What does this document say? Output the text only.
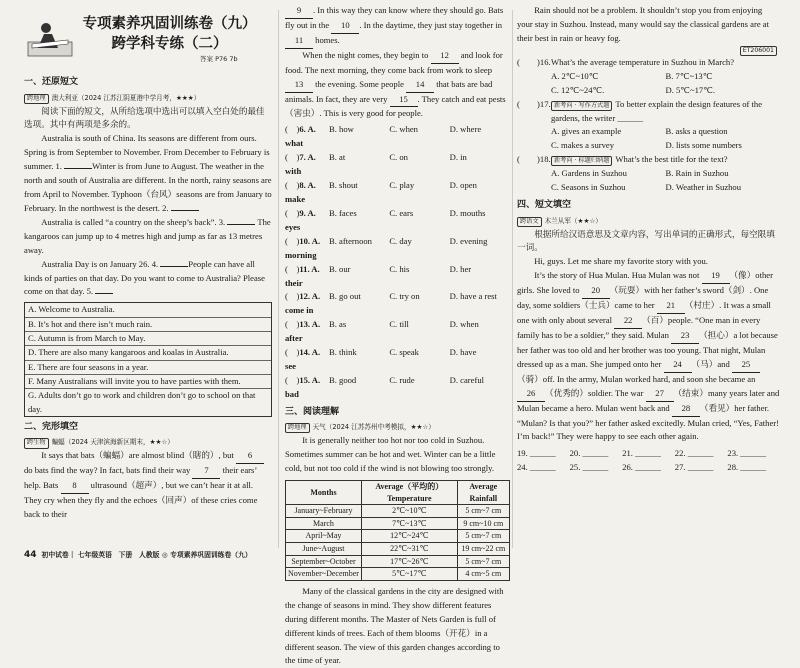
专项素养巩固训练卷（九）
跨学科专练（二）
答案 P76 7b
一、还原短文

跨地理 澳大利亚（2024 江苏江阴夏港中学月考，★★★）

阅读下面的短文，从所给选项中选出可以填入空白处的最佳选项。其中有两项是多余的。

Australia is south of China. Its seasons are different from ours. Spring is from September to November. From December to February is summer. 1.	Winter is from June to August. The weather in the north and south of Australia are different. In the north, rainy seasons are from April to November. Typhoon（台风）seasons are from January to February. In the northwest is the desert. 2.

Australia is called “a country on the sheep’s back”. 3.	The kangaroos can jump up to 4 metres high and jump as far as 13 metres away.

Australia Day is on January 26. 4.	People can have all kinds of parties on that day. Do you want to come to Australia? Please come on that day. 5.

A. Welcome to Australia.
B. It’s hot and there isn’t much rain.
C. Autumn is from March to May.
D. There are also many kangaroos and koalas in Australia.
E. There are four seasons in a year.
F. Many Australians will invite you to have parties with them.
G. Adults don’t go to work and children don’t go to school on that day.
二、完形填空

跨生物 蝙蝠（2024 天津滨海新区期末，★★☆）

It says that bats（蝙蝠）are almost blind（瞎的）, but 6 do bats find the way? In fact, bats find their way 7 their ears’ help. Bats 8 ultrasound（超声）, but we can’t hear it at all. They cry when they fly and the echoes（回声）of these cries come back to their

9 . In this way they can know where they should go. Bats fly out in the 10 . In the daytime, they just stay together in 11 homes.

When the night comes, they begin to 12 and look for food. The next morning, they come back from work to sleep 13 the evening. Some people 14 that bats are bad animals. In fact, they are very 15 . They catch and eat pests（害虫）. This is very good for people.

(　)6. A. what
B. how	C. when	D. where
(　)7. A. with
B. at	C. on	D. in
(　)8. A. make
B. shout	C. play	D. open
(　)9. A. eyes
B. faces	C. ears	D. mouths
(　)10. A. morning
B. afternoon	C. day	D. evening
(　)11. A. their
B. our	C. his	D. her
(　)12. A. come in
B. go out	C. try on	D. have a rest
(　)13. A. after
B. as	C. till	D. when
(　)14. A. see
B. think	C. speak	D. have
(　)15. A. bad
B. good	C. rude	D. careful
三、阅读理解

跨地理 天气（2024 江苏苏州中考模拟，★★☆）

It is generally neither too hot nor too cold in Suzhou. Sometimes summer can be hot and wet. Winter can be a little cold, but not too cold if the wind is not blowing too strongly.

Months	Average（平均的） Temperature	Average Rainfall
January~February	2℃~10℃	5 cm~7 cm
March	7℃~13℃	9 cm~10 cm
April~May	12℃~24℃	5 cm~7 cm
June~August	22℃~31℃	19 cm~22 cm
September~October	17℃~26℃	5 cm~7 cm
November~December	5℃~17℃	4 cm~5 cm

Many of the classical gardens in the city are designed with the change of seasons in mind. They show different features during different months. The Master of Nets Garden is full of different kinds of trees. Each of them blooms（开花）in a different season. The view of this garden changes according to the time of year.

Rain should not be a problem. It shouldn’t stop you from enjoying your stay in Suzhou. Instead, many would say the classical gardens are at their best in rain or heavy fog.

ET206001

(　　)16. What’s the average temperature in Suzhou in March?
A. 2℃~10℃	B. 7℃~13℃
C. 12℃~24℃.	D. 5℃~17℃.
(　　)17. 新考向 · 写作方式题 To better explain the design features of the gardens, the writer ______
A. gives an example	B. asks a question
C. makes a survey	D. lists some numbers
(　　)18. 新考向 · 标题归纳题 What’s the best title for the text?
A. Gardens in Suzhou	B. Rain in Suzhou
C. Seasons in Suzhou	D. Weather in Suzhou
四、短文填空

跨语文 木兰从军（★★☆）

根据所给汉语意思及文章内容，写出单词的正确形式，每空限填一词。

Hi, guys. Let me share my favorite story with you.

It’s the story of Hua Mulan. Hua Mulan was not 19 （像）other girls. She loved to 20 （玩耍）with her father’s sword（剑）. One day, some soldiers（士兵）came to her 21 （村庄）. It was a small one with only about several 22 （百）people. “One man in every family has to be a soldier,” they said. Mulan 23 （担心）a lot because her father was too old and her brother was too young. That night, Mulan dressed up as a man. She jumped onto her 24 （马）and 25（骑）off. In the army, Mulan worked hard, and soon she became an 26 （优秀的）soldier. The war 27 （结束）many years later and Mulan became a hero. Mulan went back and 28 （看见）her father. “Mulan? Is that you?” her father asked excitedly. Mulan cried, “Yes, Father! I’m back!” They were happy to see each other again.

19. ______	20. ______	21. ______	22. ______	23. ______
24. ______	25. ______	26. ______	27. ______	28. ______
44 初中试卷｜ 七年级英语　下册　人教版 ◎ 专项素养巩固训练卷（九）
